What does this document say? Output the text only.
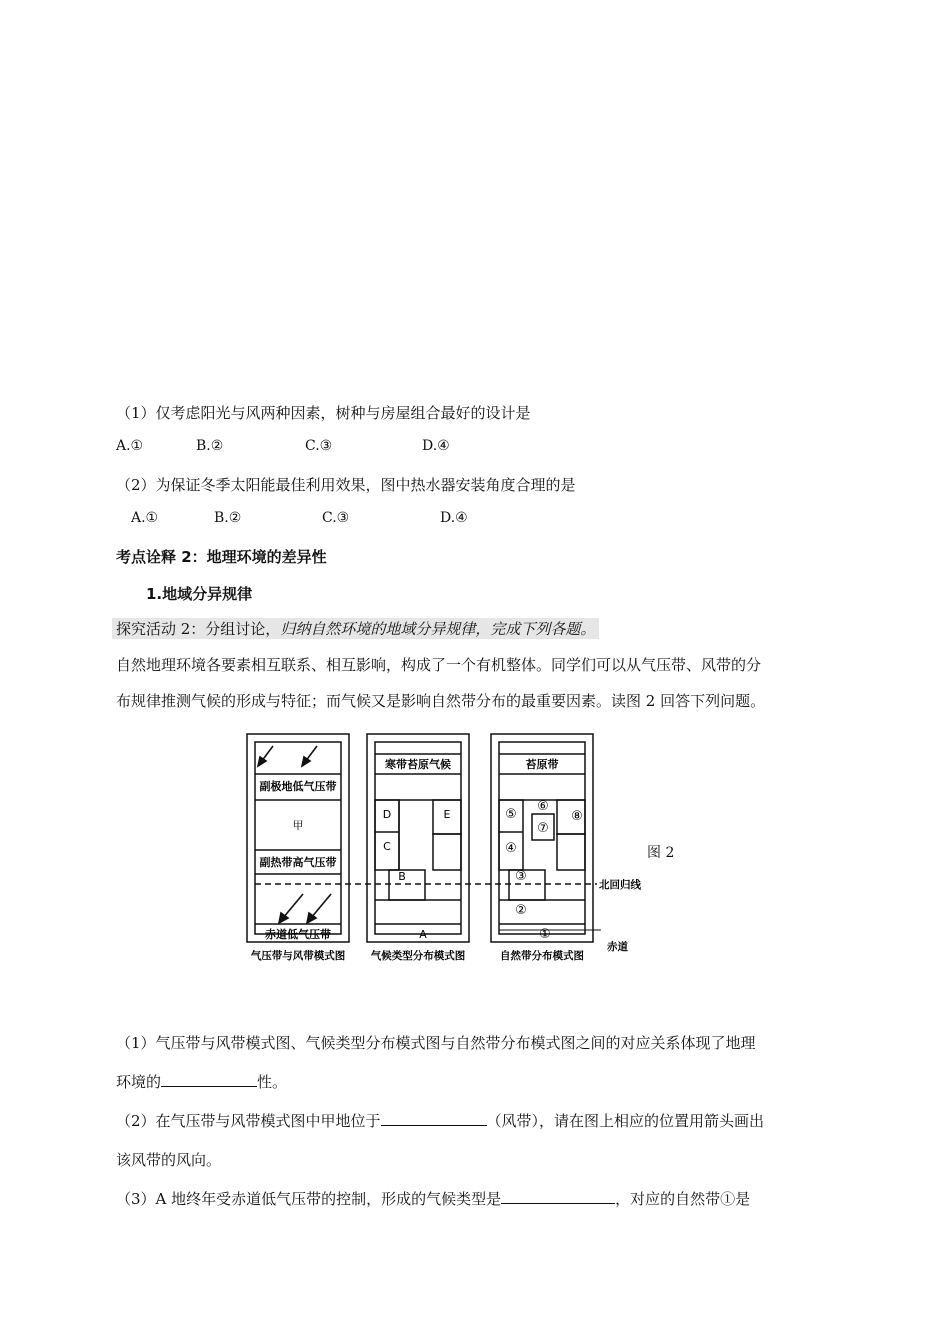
（1）仅考虑阳光与风两种因素，树种与房屋组合最好的设计是
A.①	B.②	C.③	D.④
（2）为保证冬季太阳能最佳利用效果，图中热水器安装角度合理的是
A.①	B.②	C.③	D.④
考点诠释 2：地理环境的差异性
1.地域分异规律
探究活动 2：分组讨论，归纳自然环境的地域分异规律，完成下列各题。
自然地理环境各要素相互联系、相互影响，构成了一个有机整体。同学们可以从气压带、风带的分
布规律推测气候的形成与特征；而气候又是影响自然带分布的最重要因素。读图 2 回答下列问题。
副极地低气压带
甲
副热带高气压带
赤道低气压带
气压带与风带模式图
寒带苔原气候
D	E
C
B
A
气候类型分布模式图
苔原带
⑤
⑥
⑦
⑧
④
③
②
①
自然带分布模式图
北回归线
赤道
图 2
（1）气压带与风带模式图、气候类型分布模式图与自然带分布模式图之间的对应关系体现了地理
环境的	性。
（2）在气压带与风带模式图中甲地位于	（风带），请在图上相应的位置用箭头画出
该风带的风向。
（3）A 地终年受赤道低气压带的控制，形成的气候类型是	，对应的自然带①是
